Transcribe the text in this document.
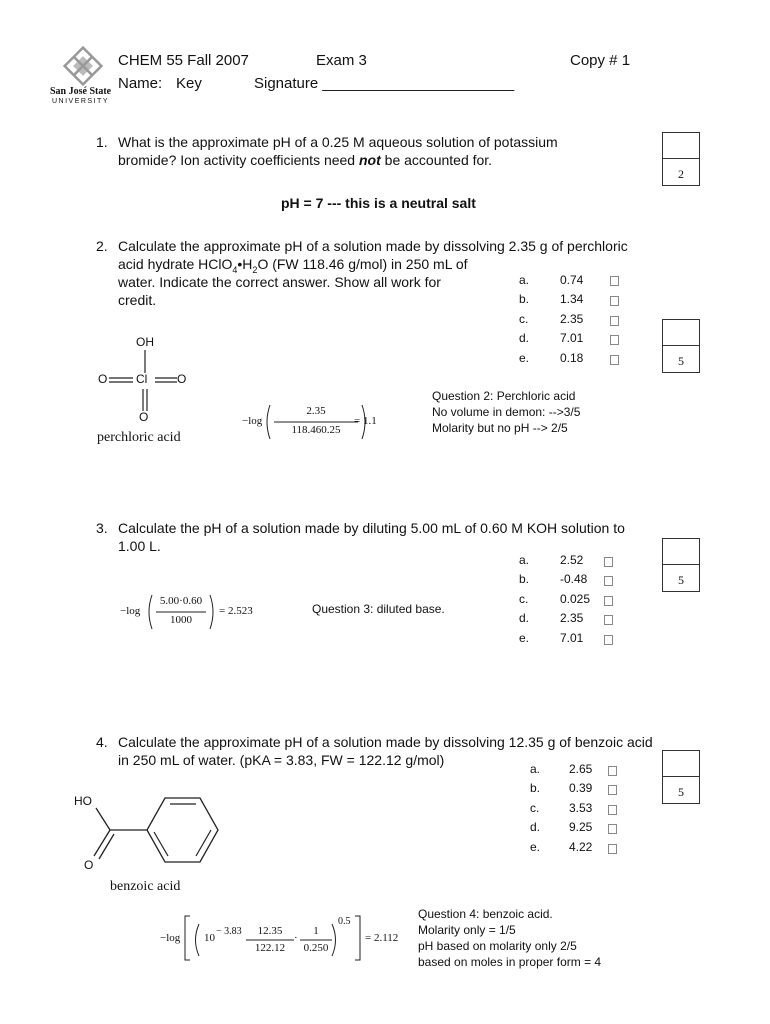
San José State
UNIVERSITY
CHEM 55 Fall 2007	Exam 3	Copy # 1
Name: Key	Signature _______________________
1. What is the approximate pH of a 0.25 M aqueous solution of potassium
bromide? Ion activity coefficients need not be accounted for.
2
pH = 7 --- this is a neutral salt
2. Calculate the approximate pH of a solution made by dissolving 2.35 g of perchloric
acid hydrate $HClO_4•H_2O$ (FW 118.46 g/mol) in 250 mL of
water. Indicate the correct answer. Show all work for
credit.
a.	0.74
b.	1.34
c.	2.35
d.	7.01
e.	0.18	5
OH
O Cl O
O
perchloric acid
−log
2.35
118.460.25
= 1.1
Question 2: Perchloric acid
No volume in demon: -->3/5
Molarity but no pH --> 2/5
3. Calculate the pH of a solution made by diluting 5.00 mL of 0.60 M KOH solution to
1.00 L.
a.	2.52
b.	-0.48
c.	0.025
d.	2.35
e.	7.01
5
−log
5.00·0.60
1000
= 2.523	Question 3: diluted base.
4. Calculate the approximate pH of a solution made by dissolving 12.35 g of benzoic acid
in 250 mL of water. (pKA = 3.83, FW = 122.12 g/mol)
a. 2.65
b. 0.39
c. 3.53
d. 9.25
e. 4.22
5
HO
O
benzoic acid
−log 10
− 3.83	12.35
122.12
·
1
0.250
0.5
= 2.112
Question 4: benzoic acid.
Molarity only = 1/5
pH based on molarity only 2/5
based on moles in proper form = 4
